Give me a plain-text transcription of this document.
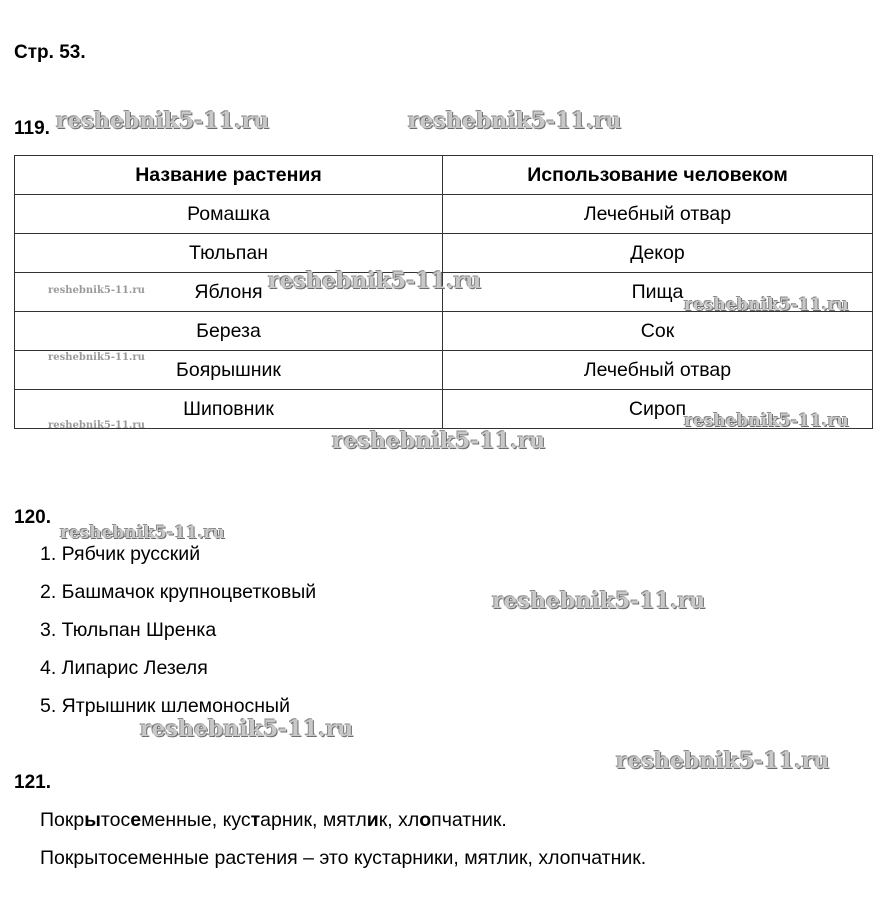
Стр. 53.
119.
Название растения	Использование человеком
Ромашка	Лечебный отвар
Тюльпан	Декор
Яблоня	Пища
Береза	Сок
Боярышник	Лечебный отвар
Шиповник	Сироп
120.
1. Рябчик русский
2. Башмачок крупноцветковый
3. Тюльпан Шренка
4. Липарис Лезеля
5. Ятрышник шлемоносный
121.
Покрытосеменные, кустарник, мятлик, хлопчатник.
Покрытосеменные растения – это кустарники, мятлик, хлопчатник.
reshebnik5-11.ru	reshebnik5-11.ru
reshebnik5-11.ru	reshebnik5-11.ru
reshebnik5-11.ru
reshebnik5-11.ru
reshebnik5-11.ru	reshebnik5-11.ru
reshebnik5-11.ru
reshebnik5-11.ru
reshebnik5-11.ru
reshebnik5-11.ru
reshebnik5-11.ru
